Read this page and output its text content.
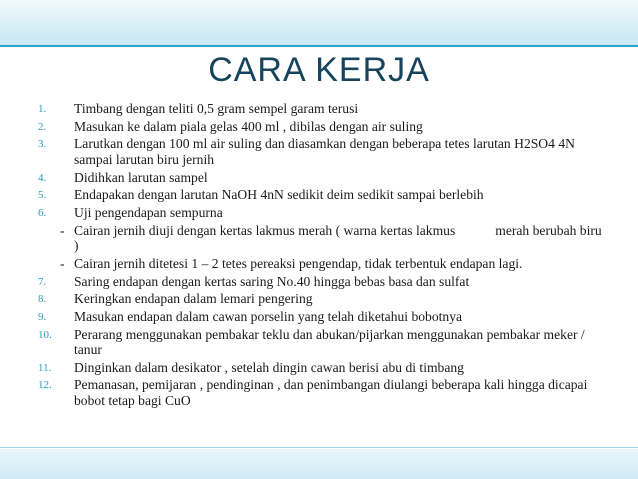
CARA KERJA
1. Timbang dengan teliti 0,5 gram sempel garam terusi
2. Masukan ke dalam piala gelas 400 ml , dibilas dengan air suling
3. Larutkan dengan 100 ml air suling dan diasamkan dengan beberapa tetes larutan H2SO4 4N sampai larutan biru jernih
4. Didihkan larutan sampel
5. Endapakan dengan larutan NaOH 4nN sedikit deim sedikit sampai berlebih
6. Uji pengendapan sempurna
- Cairan jernih diuji dengan kertas lakmus merah ( warna kertas lakmus	merah berubah biru )
- Cairan jernih ditetesi 1 – 2 tetes pereaksi pengendap, tidak terbentuk endapan lagi.
7. Saring endapan dengan kertas saring No.40 hingga bebas basa dan sulfat
8. Keringkan endapan dalam lemari pengering
9. Masukan endapan dalam cawan porselin yang telah diketahui bobotnya
10. Perarang menggunakan pembakar teklu dan abukan/pijarkan menggunakan pembakar meker / tanur
11. Dinginkan dalam desikator , setelah dingin cawan berisi abu di timbang
12. Pemanasan, pemijaran , pendinginan , dan penimbangan diulangi beberapa kali hingga dicapai bobot tetap bagi CuO
